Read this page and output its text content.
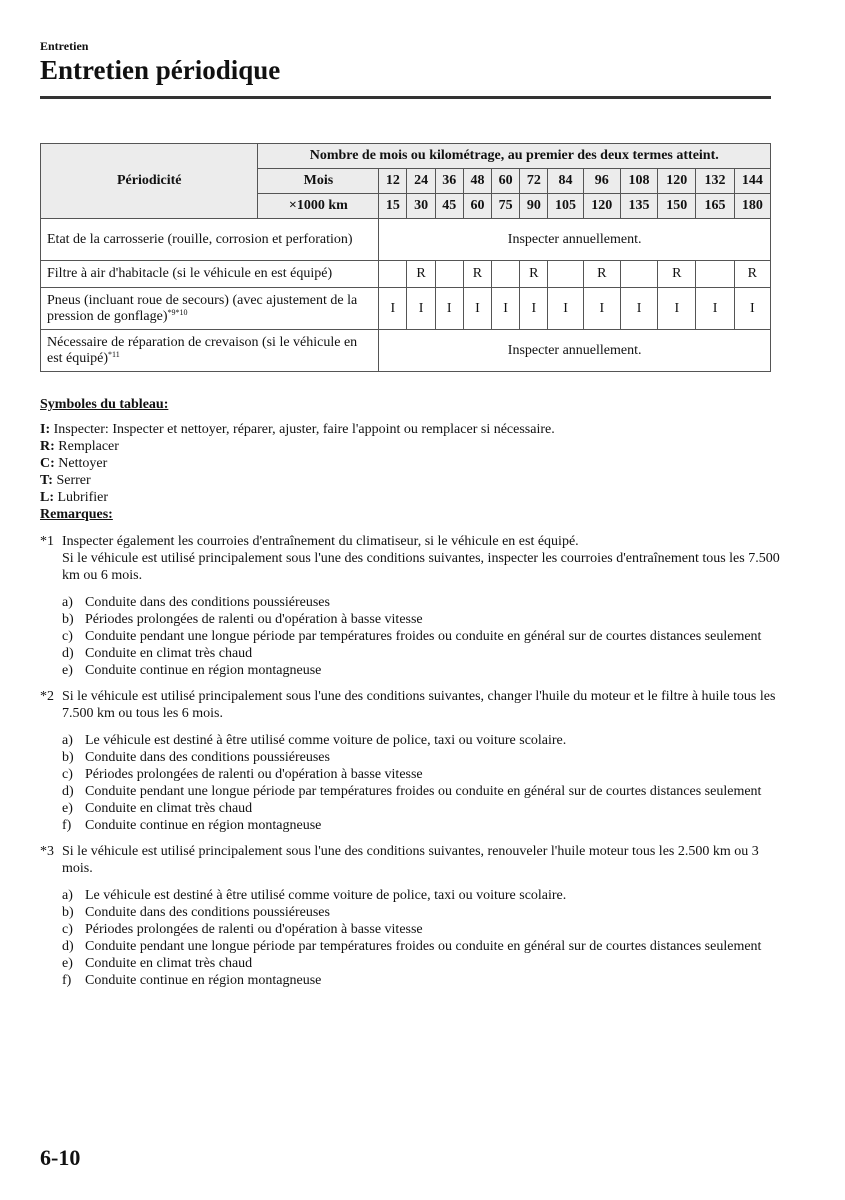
Entretien
Entretien périodique
Périodicité	Nombre de mois ou kilométrage, au premier des deux termes atteint.												
	Mois	12	24	36	48	60	72	84	96	108	120	132	144
	×1000 km	15	30	45	60	75	90	105	120	135	150	165	180
Etat de la carrosserie (rouille, corrosion et perforation)		Inspecter annuellement.											
Filtre à air d'habitacle (si le véhicule en est équipé)			R		R		R		R		R		R
Pneus (incluant roue de secours) (avec ajustement de la pression de gonflage)$^{*9*10}$		I	I	I	I	I	I	I	I	I	I	I	I
Nécessaire de réparation de crevaison (si le véhicule en est équipé)$^{*11}$		Inspecter annuellement.											

Symboles du tableau:

I: Inspecter: Inspecter et nettoyer, réparer, ajuster, faire l'appoint ou remplacer si nécessaire.

R: Remplacer

C: Nettoyer

T: Serrer

L: Lubrifier

Remarques:

*1 Inspecter également les courroies d'entraînement du climatiseur, si le véhicule en est équipé.

Si le véhicule est utilisé principalement sous l'une des conditions suivantes, inspecter les courroies d'entraînement tous les 7.500 km ou 6 mois.

a) Conduite dans des conditions poussiéreuses
b) Périodes prolongées de ralenti ou d'opération à basse vitesse
c) Conduite pendant une longue période par températures froides ou conduite en général sur de courtes distances seulement
d) Conduite en climat très chaud
e) Conduite continue en région montagneuse
*2 Si le véhicule est utilisé principalement sous l'une des conditions suivantes, changer l'huile du moteur et le filtre à huile tous les 7.500 km ou tous les 6 mois.

a) Le véhicule est destiné à être utilisé comme voiture de police, taxi ou voiture scolaire.
b) Conduite dans des conditions poussiéreuses
c) Périodes prolongées de ralenti ou d'opération à basse vitesse
d) Conduite pendant une longue période par températures froides ou conduite en général sur de courtes distances seulement
e) Conduite en climat très chaud
f) Conduite continue en région montagneuse
*3 Si le véhicule est utilisé principalement sous l'une des conditions suivantes, renouveler l'huile moteur tous les 2.500 km ou 3 mois.

a) Le véhicule est destiné à être utilisé comme voiture de police, taxi ou voiture scolaire.
b) Conduite dans des conditions poussiéreuses
c) Périodes prolongées de ralenti ou d'opération à basse vitesse
d) Conduite pendant une longue période par températures froides ou conduite en général sur de courtes distances seulement
e) Conduite en climat très chaud
f) Conduite continue en région montagneuse
6-10
